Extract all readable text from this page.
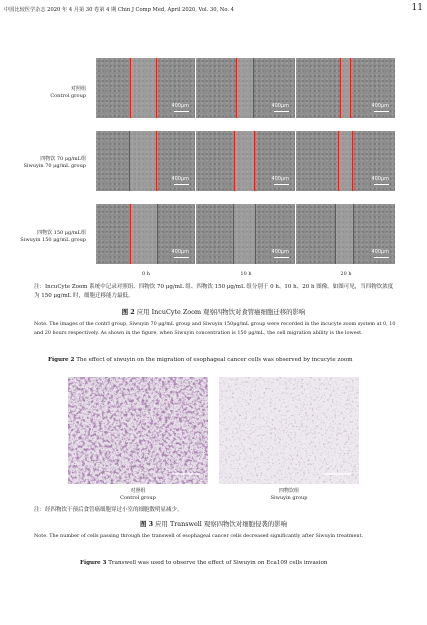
中国比较医学杂志 2020 年 4 月第 30 卷第 4 期 Chin J Comp Med, April 2020, Vol. 30, No. 4	11
对照组
Control group
四物饮 70 μg/mL组
Siwuyin 70 μg/mL group
四物饮 150 μg/mL组
Siwuyin 150 μg/mL group
400μm	400μm	400μm
400μm	400μm	400μm
400μm	400μm	400μm
0 h	10 h	20 h
注：IncuCyte Zoom 系统中记录对照组、四物饮 70 μg/mL 组、四物饮 150 μg/mL 组分别于 0 h、10 h、20 h 图像。如图可见，当四物饮浓度为 150 μg/mL 时，细胞迁移能力最低。
图 2 应用 IncuCyte Zoom 观察四物饮对食管癌细胞迁移的影响
Note. The images of the contrl group, Siwuyin 70 μg/mL group and Siwuyin 150μg/mL group were recorded in the incucyte zoom system at 0, 10 and 20 hours respectively. As shown in the figure, when Siwuyin concentration is 150 μg/mL, the cell migration ability is the lowest.
Figure 2 The effect of siwuyin on the migration of esophageal cancer cells was observed by incucyte zoom
对照组
Control group
四物饮组
Siwuyin group
注：经四物饮干预后食管癌细胞穿过小室的细胞数明显减少。
图 3 应用 Transwell 观察四物饮对细胞侵袭的影响
Note. The number of cells passing through the transwell of esophageal cancer cells decreased significantly after Siwuyin treatment.
Figure 3 Transwell was used to observe the effect of Siwuyin on Eca109 cells invasion
